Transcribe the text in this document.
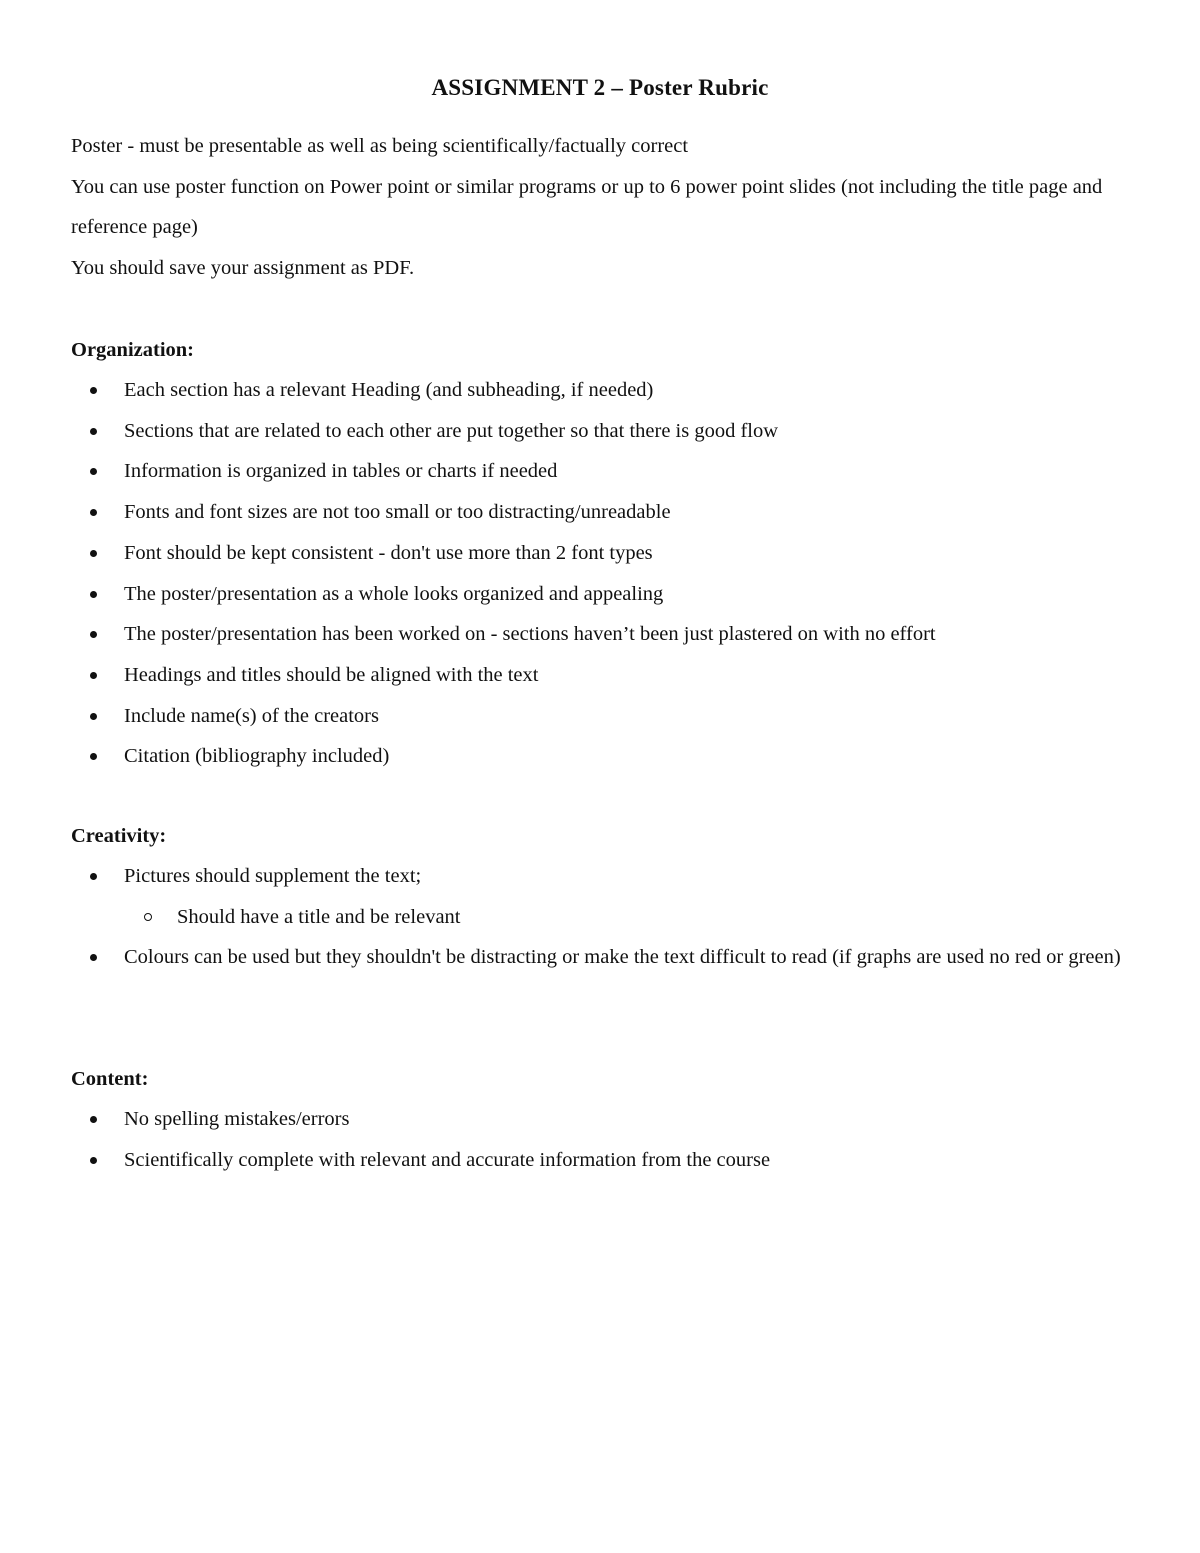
ASSIGNMENT 2 – Poster Rubric

Poster - must be presentable as well as being scientifically/factually correct

You can use poster function on Power point or similar programs or up to 6 power point slides (not including the title page and reference page)

You should save your assignment as PDF.

Organization:

Each section has a relevant Heading (and subheading, if needed)
Sections that are related to each other are put together so that there is good flow
Information is organized in tables or charts if needed
Fonts and font sizes are not too small or too distracting/unreadable
Font should be kept consistent - don't use more than 2 font types
The poster/presentation as a whole looks organized and appealing
The poster/presentation has been worked on - sections haven’t been just plastered on with no effort
Headings and titles should be aligned with the text
Include name(s) of the creators
Citation (bibliography included)

Creativity:

Pictures should supplement the text;
Should have a title and be relevant
Colours can be used but they shouldn't be distracting or make the text difficult to read (if graphs are used no red or green)

Content:

No spelling mistakes/errors
Scientifically complete with relevant and accurate information from the course
